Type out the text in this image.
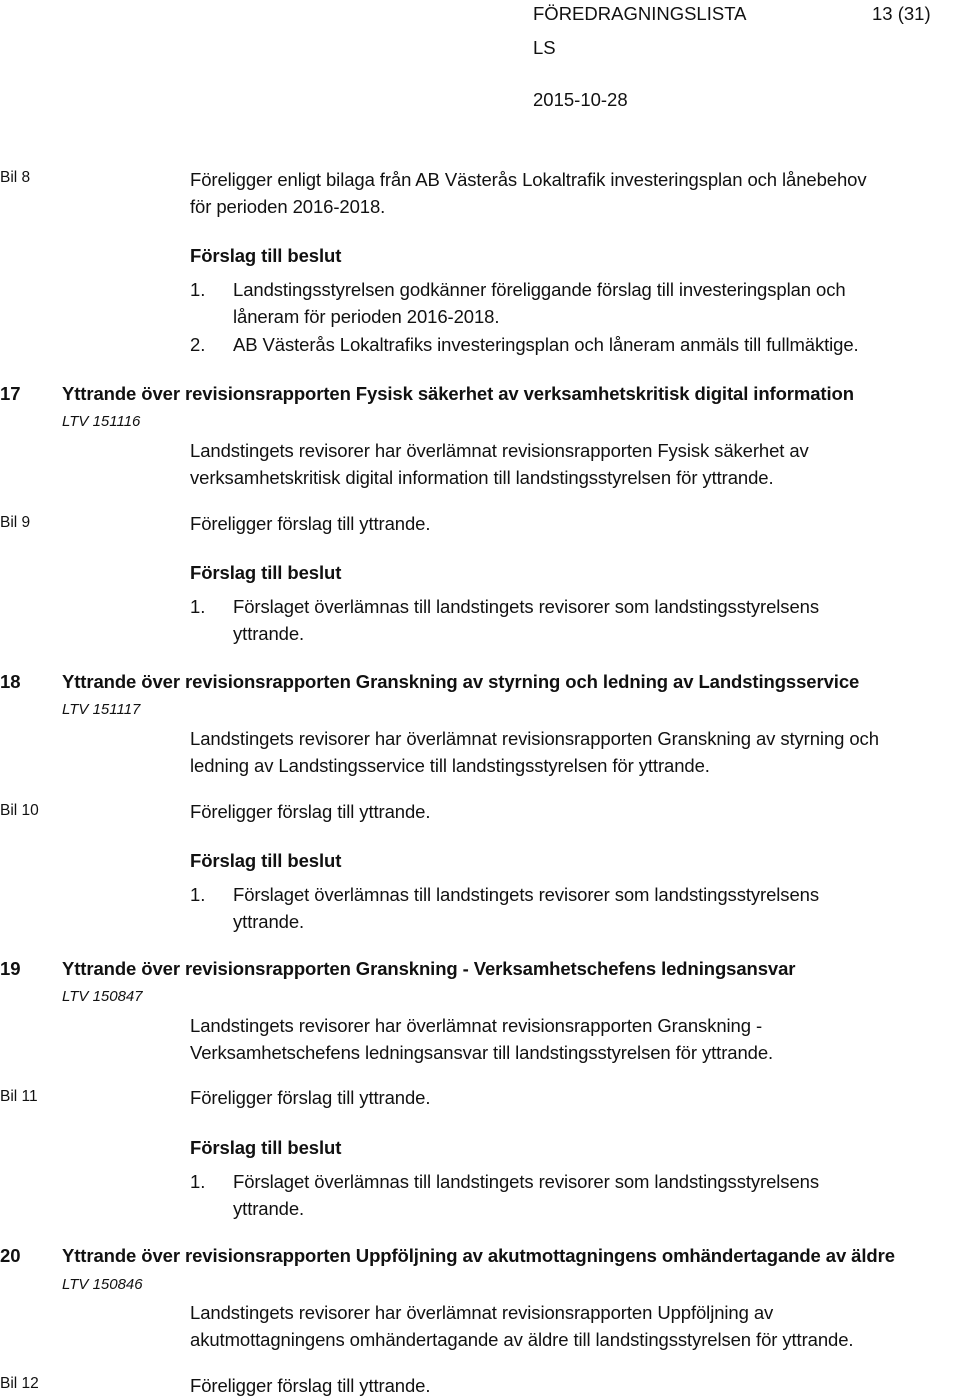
FÖREDRAGNINGSLISTA	13 (31)
LS
2015-10-28
Bil 8	Föreligger enligt bilaga från AB Västerås Lokaltrafik investeringsplan och lånebehov
för perioden 2016-2018.
Förslag till beslut
1. Landstingsstyrelsen godkänner föreliggande förslag till investeringsplan och
låneram för perioden 2016-2018.
2. AB Västerås Lokaltrafiks investeringsplan och låneram anmäls till fullmäktige.
17 Yttrande över revisionsrapporten Fysisk säkerhet av verksamhetskritisk digital information
LTV 151116
Landstingets revisorer har överlämnat revisionsrapporten Fysisk säkerhet av
verksamhetskritisk digital information till landstingsstyrelsen för yttrande.
Bil 9	Föreligger förslag till yttrande.
Förslag till beslut
1. Förslaget överlämnas till landstingets revisorer som landstingsstyrelsens
yttrande.
18 Yttrande över revisionsrapporten Granskning av styrning och ledning av Landstingsservice
LTV 151117
Landstingets revisorer har överlämnat revisionsrapporten Granskning av styrning och
ledning av Landstingsservice till landstingsstyrelsen för yttrande.
Bil 10	Föreligger förslag till yttrande.
Förslag till beslut
1. Förslaget överlämnas till landstingets revisorer som landstingsstyrelsens
yttrande.
19 Yttrande över revisionsrapporten Granskning - Verksamhetschefens ledningsansvar
LTV 150847
Landstingets revisorer har överlämnat revisionsrapporten Granskning -
Verksamhetschefens ledningsansvar till landstingsstyrelsen för yttrande.
Bil 11	Föreligger förslag till yttrande.
Förslag till beslut
1. Förslaget överlämnas till landstingets revisorer som landstingsstyrelsens
yttrande.
20 Yttrande över revisionsrapporten Uppföljning av akutmottagningens omhändertagande av äldre
LTV 150846
Landstingets revisorer har överlämnat revisionsrapporten Uppföljning av
akutmottagningens omhändertagande av äldre till landstingsstyrelsen för yttrande.
Bil 12	Föreligger förslag till yttrande.
